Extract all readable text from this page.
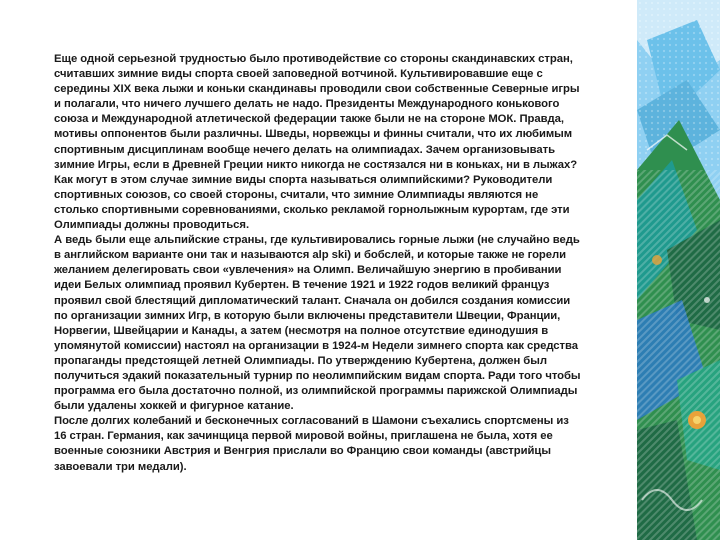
Еще одной серьезной трудностью было противодействие со стороны скандинавских стран, считавших зимние виды спорта своей заповедной вотчиной. Культивировавшие еще с середины XIX века лыжи и коньки скандинавы проводили свои собственные Северные игры и полагали, что ничего лучшего делать не надо. Президенты Международного конькового союза и Международной атлетической федерации также были не на стороне МОК. Правда, мотивы оппонентов были различны. Шведы, норвежцы и финны считали, что их любимым спортивным дисциплинам вообще нечего делать на олимпиадах. Зачем организовывать зимние Игры, если в Древней Греции никто никогда не состязался ни в коньках, ни в лыжах? Как могут в этом случае зимние виды спорта называться олимпийскими? Руководители спортивных союзов, со своей стороны, считали, что зимние Олимпиады являются не столько спортивными соревнованиями, сколько рекламой горнолыжным курортам, где эти Олимпиады должны проводиться.

А ведь были еще альпийские страны, где культивировались горные лыжи (не случайно ведь в английском варианте они так и называются alp ski) и бобслей, и которые также не горели желанием делегировать свои «увлечения» на Олимп. Величайшую энергию в пробивании идеи Белых олимпиад проявил Кубертен. В течение 1921 и 1922 годов великий француз проявил свой блестящий дипломатический талант. Сначала он добился создания комиссии по организации зимних Игр, в которую были включены представители Швеции, Франции, Норвегии, Швейцарии и Канады, а затем (несмотря на полное отсутствие единодушия в упомянутой комиссии) настоял на организации в 1924-м Недели зимнего спорта как средства пропаганды предстоящей летней Олимпиады. По утверждению Кубертена, должен был получиться эдакий показательный турнир по неолимпийским видам спорта. Ради того чтобы программа его была достаточно полной, из олимпийской программы парижской Олимпиады были удалены хоккей и фигурное катание.

После долгих колебаний и бесконечных согласований в Шамони съехались спортсмены из 16 стран. Германия, как зачинщица первой мировой войны, приглашена не была, хотя ее военные союзники Австрия и Венгрия прислали во Францию свои команды (австрийцы завоевали три медали).
